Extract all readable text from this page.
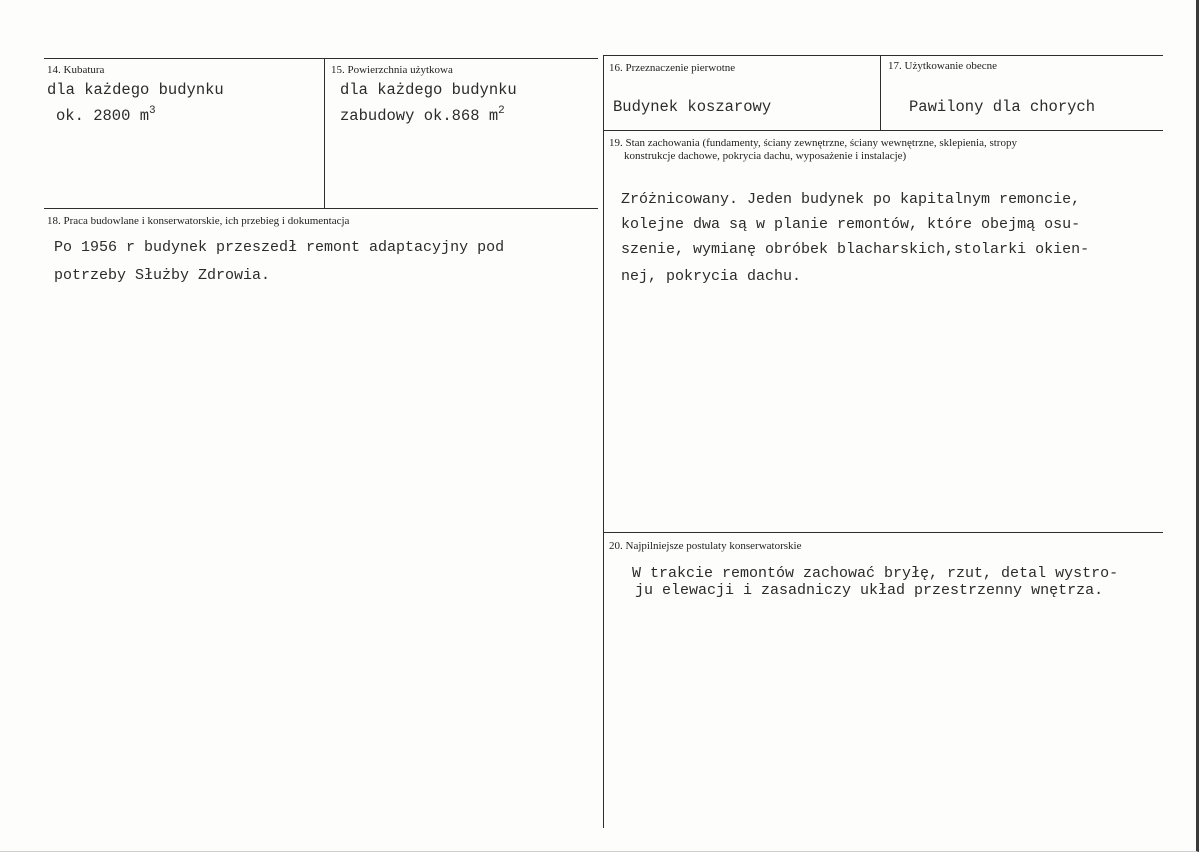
14. Kubatura

dla każdego budynku

ok. 2800 $m^3$

15. Powierzchnia użytkowa

dla każdego budynku

zabudowy ok.868 $m^2$

16. Przeznaczenie pierwotne

Budynek koszarowy

17. Użytkowanie obecne

Pawilony dla chorych

18. Praca budowlane i konserwatorskie, ich przebieg i dokumentacja

Po 1956 r budynek przeszedł remont adaptacyjny pod

potrzeby Służby Zdrowia.

19. Stan zachowania (fundamenty, ściany zewnętrzne, ściany wewnętrzne, sklepienia, stropy

konstrukcje dachowe, pokrycia dachu, wyposażenie i instalacje)

Zróżnicowany. Jeden budynek po kapitalnym remoncie,

kolejne dwa są w planie remontów, które obejmą osu-

szenie, wymianę obróbek blacharskich,stolarki okien-

nej, pokrycia dachu.

20. Najpilniejsze postulaty konserwatorskie

W trakcie remontów zachować bryłę, rzut, detal wystro-

ju elewacji i zasadniczy układ przestrzenny wnętrza.
